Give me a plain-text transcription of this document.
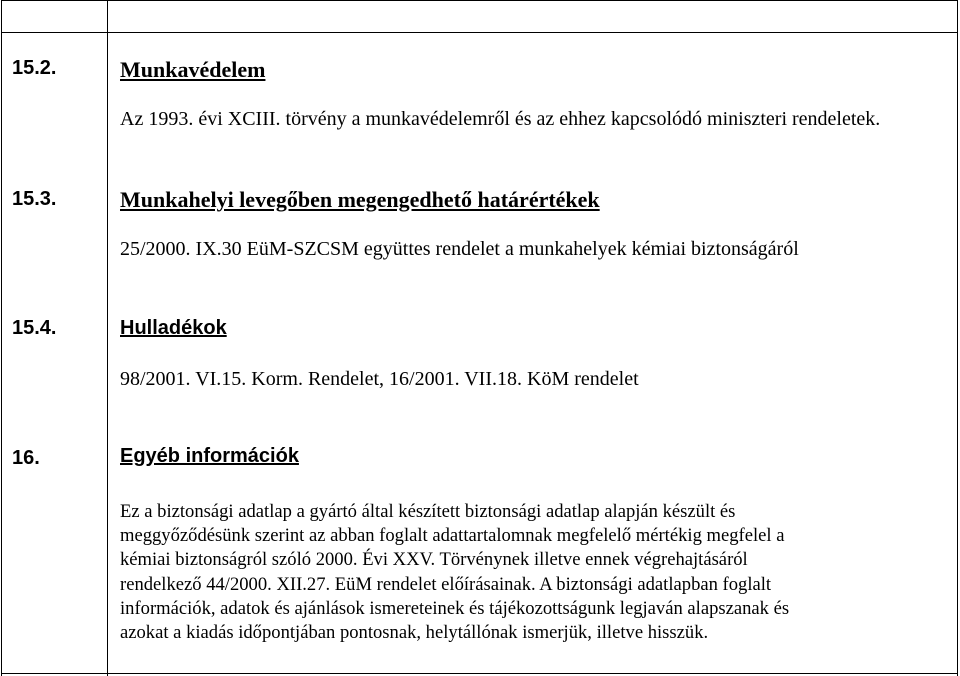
15.2.	Munkavédelem
Az 1993. évi XCIII. törvény a munkavédelemről és az ehhez kapcsolódó miniszteri rendeletek.
15.3.	Munkahelyi levegőben megengedhető határértékek
25/2000. IX.30 EüM-SZCSM együttes rendelet a munkahelyek kémiai biztonságáról
15.4.	Hulladékok
98/2001. VI.15. Korm. Rendelet, 16/2001. VII.18. KöM rendelet
16.	Egyéb információk
Ez a biztonsági adatlap a gyártó által készített biztonsági adatlap alapján készült és
meggyőződésünk szerint az abban foglalt adattartalomnak megfelelő mértékig megfelel a
kémiai biztonságról szóló 2000. Évi XXV. Törvénynek illetve ennek végrehajtásáról
rendelkező 44/2000. XII.27. EüM rendelet előírásainak. A biztonsági adatlapban foglalt
információk, adatok és ajánlások ismereteinek és tájékozottságunk legjaván alapszanak és
azokat a kiadás időpontjában pontosnak, helytállónak ismerjük, illetve hisszük.
